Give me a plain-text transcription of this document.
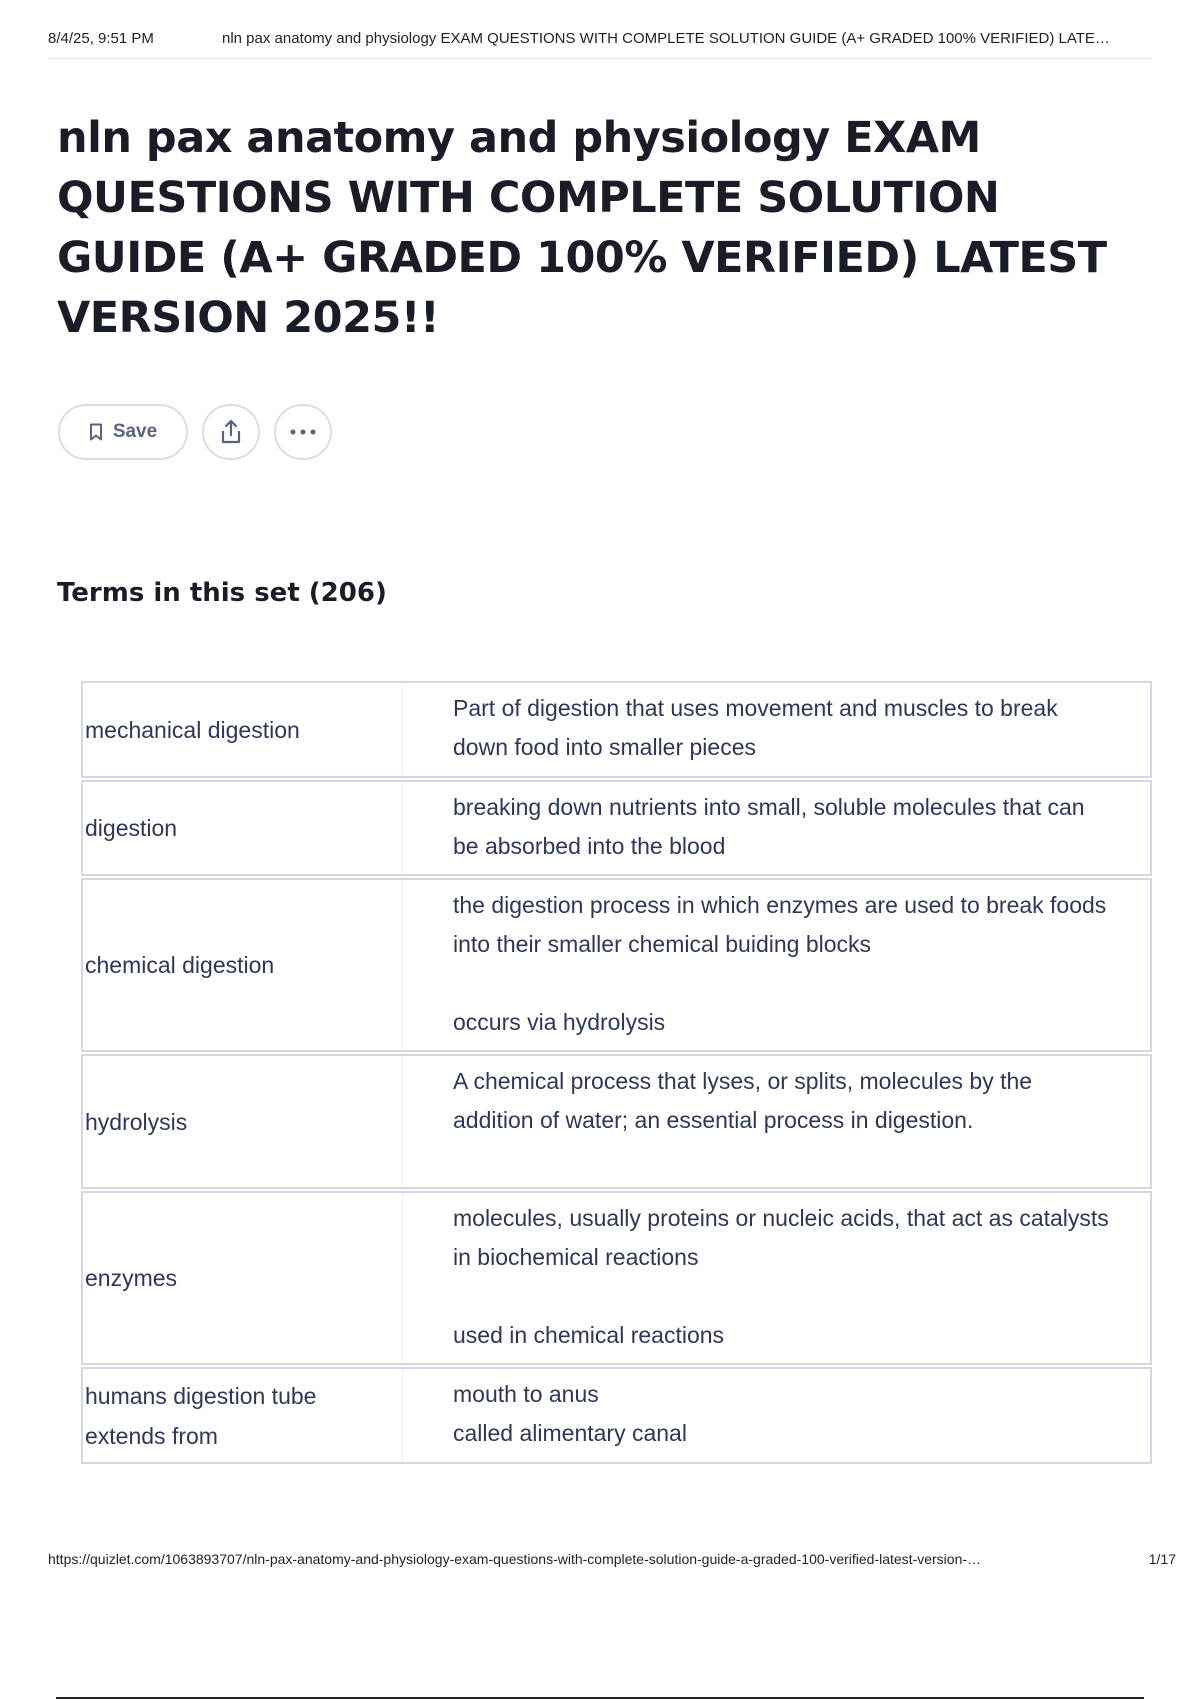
8/4/25, 9:51 PM	nln pax anatomy and physiology EXAM QUESTIONS WITH COMPLETE SOLUTION GUIDE (A+ GRADED 100% VERIFIED) LATE…
nln pax anatomy and physiology EXAM QUESTIONS WITH COMPLETE SOLUTION GUIDE (A+ GRADED 100% VERIFIED) LATEST VERSION 2025!!
Save
Terms in this set (206)
mechanical digestion
Part of digestion that uses movement and muscles to break down food into smaller pieces
digestion
breaking down nutrients into small, soluble molecules that can be absorbed into the blood
chemical digestion
the digestion process in which enzymes are used to break foods into their smaller chemical buiding blocks

occurs via hydrolysis
hydrolysis
A chemical process that lyses, or splits, molecules by the addition of water; an essential process in digestion.
enzymes
molecules, usually proteins or nucleic acids, that act as catalysts in biochemical reactions

used in chemical reactions
humans digestion tube extends from
mouth to anus
called alimentary canal
https://quizlet.com/1063893707/nln-pax-anatomy-and-physiology-exam-questions-with-complete-solution-guide-a-graded-100-verified-latest-version-…	1/17
